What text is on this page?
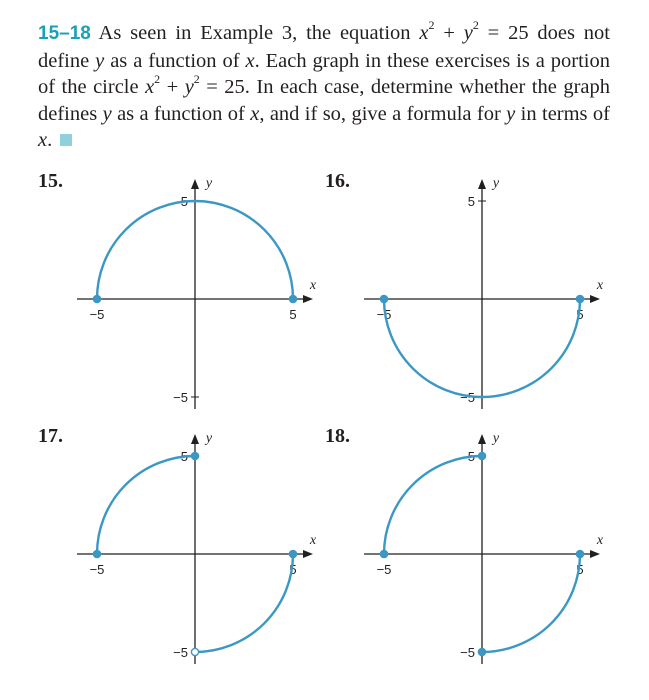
15–18 As seen in Example 3, the equation $x^2 + y^2 = 25$ does not define y as a function of x. Each graph in these exercises is a portion of the circle $x^2 + y^2 = 25$. In each case, determine whether the graph defines y as a function of x, and if so, give a formula for y in terms of x.
15.	16.
17.	18.
x
y
−5	5
5
−5
x
y
−5	5
5
−5
x
y
−5	5
5
−5
x
y
−5	5
5
−5
